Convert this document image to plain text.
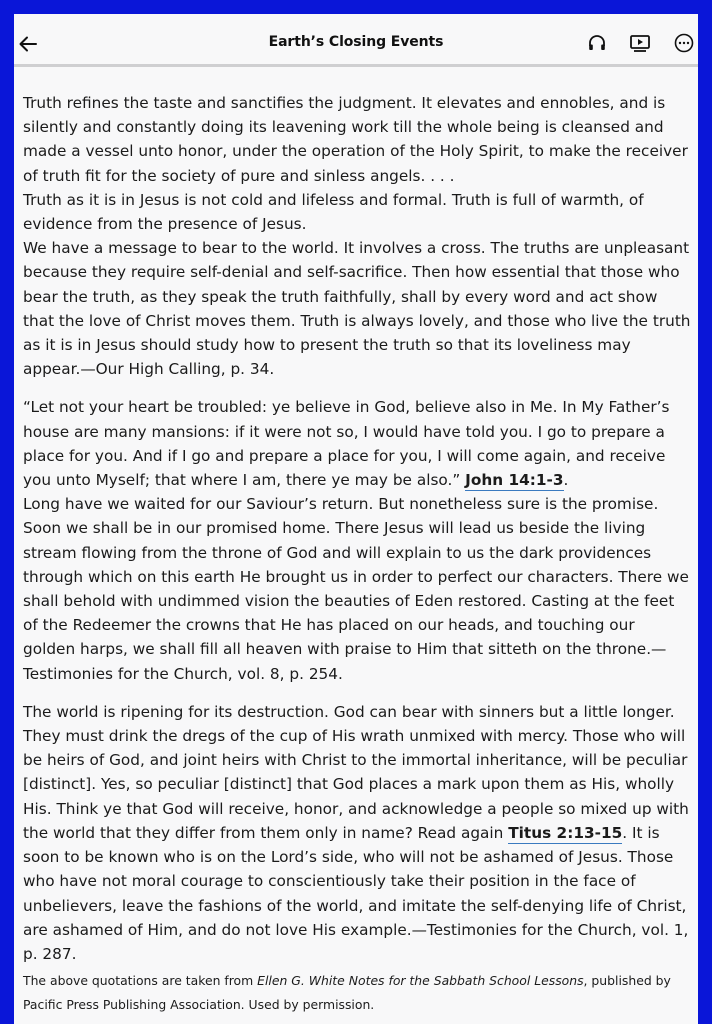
Earth’s Closing Events

Truth refines the taste and sanctifies the judgment. It elevates and ennobles, and is silently and constantly doing its leavening work till the whole being is cleansed and made a vessel unto honor, under the operation of the Holy Spirit, to make the receiver of truth fit for the society of pure and sinless angels. . . .

Truth as it is in Jesus is not cold and lifeless and formal. Truth is full of warmth, of evidence from the presence of Jesus.

We have a message to bear to the world. It involves a cross. The truths are unpleasant because they require self-denial and self-sacrifice. Then how essential that those who bear the truth, as they speak the truth faithfully, shall by every word and act show that the love of Christ moves them. Truth is always lovely, and those who live the truth as it is in Jesus should study how to present the truth so that its loveliness may appear.—Our High Calling, p. 34.

“Let not your heart be troubled: ye believe in God, believe also in Me. In My Father’s house are many mansions: if it were not so, I would have told you. I go to prepare a place for you. And if I go and prepare a place for you, I will come again, and receive you unto Myself; that where I am, there ye may be also.” John 14:1-3.

Long have we waited for our Saviour’s return. But nonetheless sure is the promise. Soon we shall be in our promised home. There Jesus will lead us beside the living stream flowing from the throne of God and will explain to us the dark providences through which on this earth He brought us in order to perfect our characters. There we shall behold with undimmed vision the beauties of Eden restored. Casting at the feet of the Redeemer the crowns that He has placed on our heads, and touching our golden harps, we shall fill all heaven with praise to Him that sitteth on the throne.—Testimonies for the Church, vol. 8, p. 254.

The world is ripening for its destruction. God can bear with sinners but a little longer. They must drink the dregs of the cup of His wrath unmixed with mercy. Those who will be heirs of God, and joint heirs with Christ to the immortal inheritance, will be peculiar [distinct]. Yes, so peculiar [distinct] that God places a mark upon them as His, wholly His. Think ye that God will receive, honor, and acknowledge a people so mixed up with the world that they differ from them only in name? Read again Titus 2:13-15. It is soon to be known who is on the Lord’s side, who will not be ashamed of Jesus. Those who have not moral courage to conscientiously take their position in the face of unbelievers, leave the fashions of the world, and imitate the self-denying life of Christ, are ashamed of Him, and do not love His example.—Testimonies for the Church, vol. 1, p. 287.

The above quotations are taken from Ellen G. White Notes for the Sabbath School Lessons, published by Pacific Press Publishing Association. Used by permission.
